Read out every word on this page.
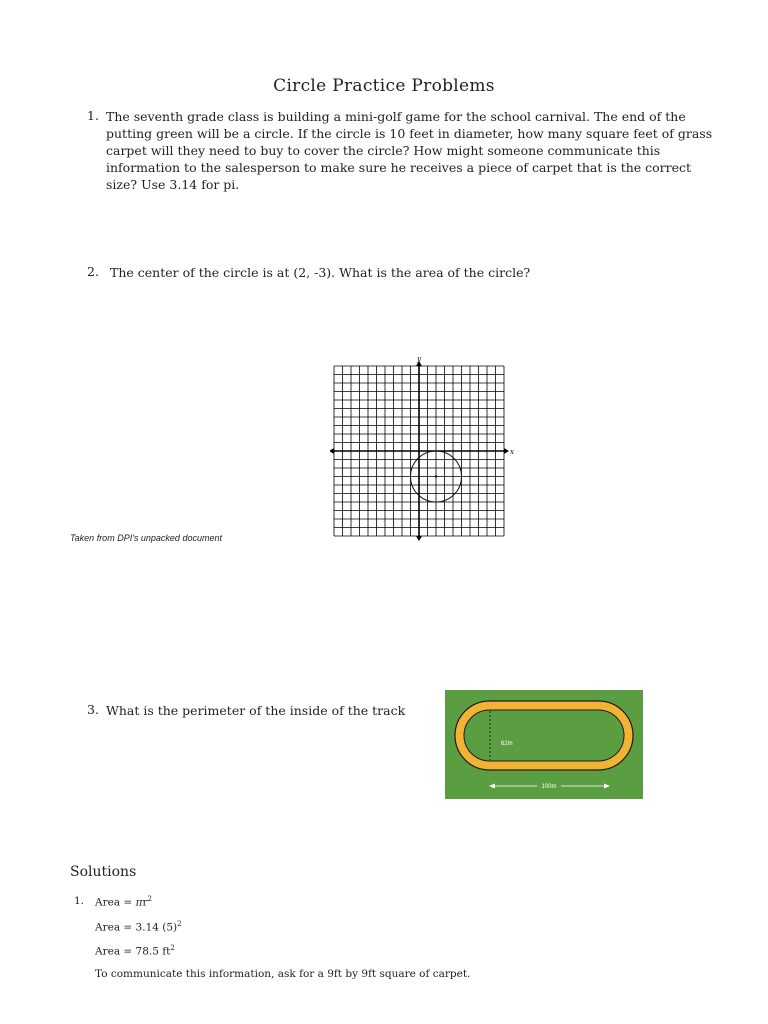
Circle Practice Problems
1. The seventh grade class is building a mini-golf game for the school carnival. The end of the putting green will be a circle. If the circle is 10 feet in diameter, how many square feet of grass carpet will they need to buy to cover the circle? How might someone communicate this information to the salesperson to make sure he receives a piece of carpet that is the correct size? Use 3.14 for pi.
2. The center of the circle is at (2, -3). What is the area of the circle?
x
y
Taken from DPI's unpacked document
3. What is the perimeter of the inside of the track
62m
100m
Solutions
1. Area = $\pi r^2$
Area = 3.14 $(5)^2$
Area = 78.5 $ft^2$
To communicate this information, ask for a 9ft by 9ft square of carpet.
